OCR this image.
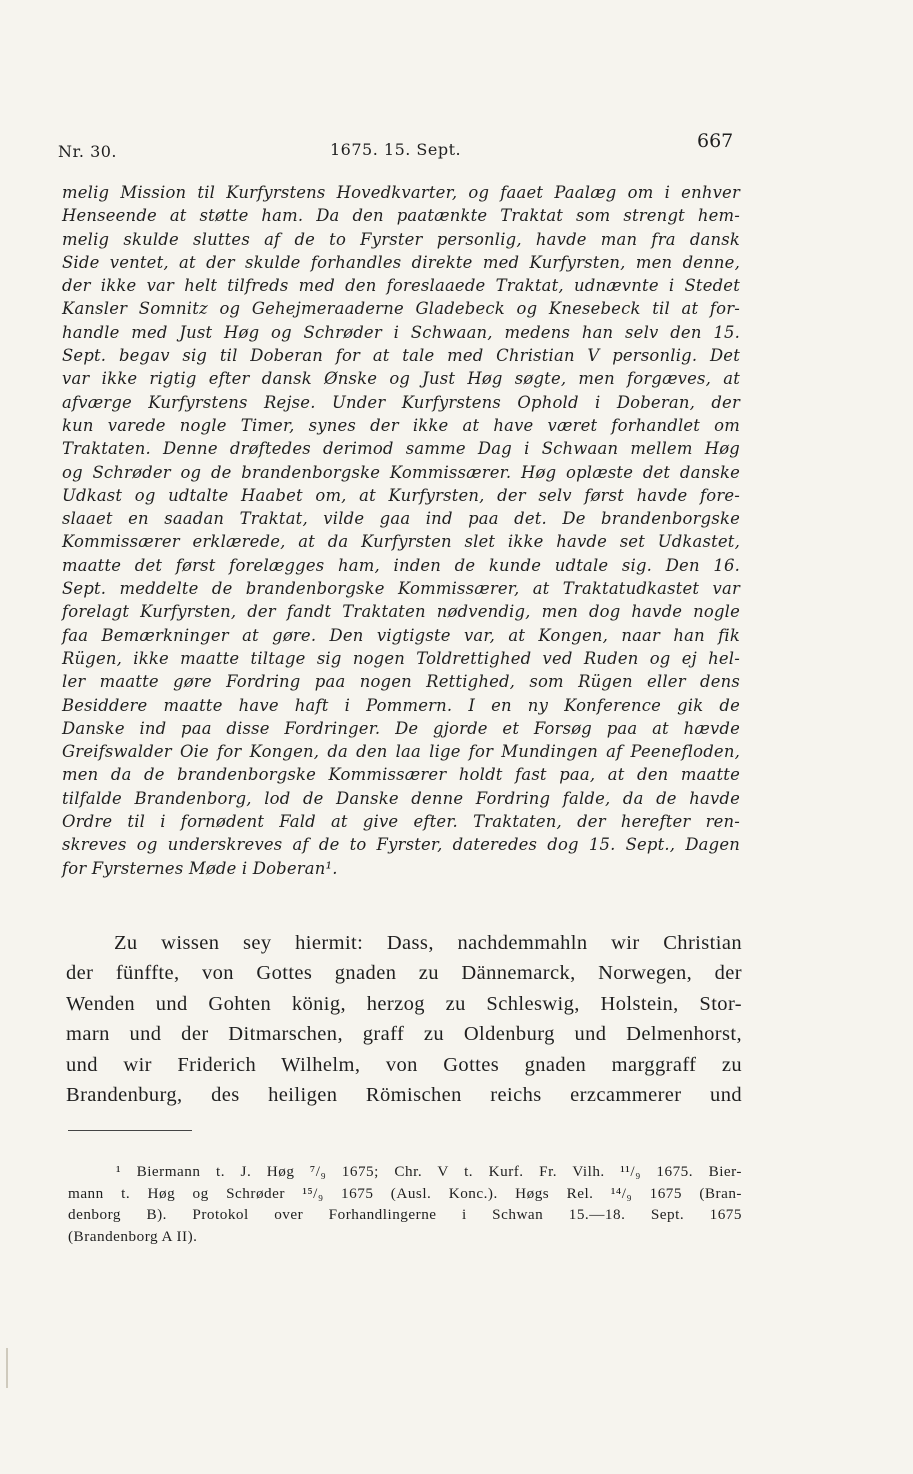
Nr. 30.	1675. 15. Sept.	667
melig Mission til Kurfyrstens Hovedkvarter, og faaet Paalæg om i enhver
Henseende at støtte ham. Da den paatænkte Traktat som strengt hem-
melig skulde sluttes af de to Fyrster personlig, havde man fra dansk
Side ventet, at der skulde forhandles direkte med Kurfyrsten, men denne,
der ikke var helt tilfreds med den foreslaaede Traktat, udnævnte i Stedet
Kansler Somnitz og Gehejmeraaderne Gladebeck og Knesebeck til at for-
handle med Just Høg og Schrøder i Schwaan, medens han selv den 15.
Sept. begav sig til Doberan for at tale med Christian V personlig. Det
var ikke rigtig efter dansk Ønske og Just Høg søgte, men forgæves, at
afværge Kurfyrstens Rejse. Under Kurfyrstens Ophold i Doberan, der
kun varede nogle Timer, synes der ikke at have været forhandlet om
Traktaten. Denne drøftedes derimod samme Dag i Schwaan mellem Høg
og Schrøder og de brandenborgske Kommissærer. Høg oplæste det danske
Udkast og udtalte Haabet om, at Kurfyrsten, der selv først havde fore-
slaaet en saadan Traktat, vilde gaa ind paa det. De brandenborgske
Kommissærer erklærede, at da Kurfyrsten slet ikke havde set Udkastet,
maatte det først forelægges ham, inden de kunde udtale sig. Den 16.
Sept. meddelte de brandenborgske Kommissærer, at Traktatudkastet var
forelagt Kurfyrsten, der fandt Traktaten nødvendig, men dog havde nogle
faa Bemærkninger at gøre. Den vigtigste var, at Kongen, naar han fik
Rügen, ikke maatte tiltage sig nogen Toldrettighed ved Ruden og ej hel-
ler maatte gøre Fordring paa nogen Rettighed, som Rügen eller dens
Besiddere maatte have haft i Pommern. I en ny Konference gik de
Danske ind paa disse Fordringer. De gjorde et Forsøg paa at hævde
Greifswalder Oie for Kongen, da den laa lige for Mundingen af Peenefloden,
men da de brandenborgske Kommissærer holdt fast paa, at den maatte
tilfalde Brandenborg, lod de Danske denne Fordring falde, da de havde
Ordre til i fornødent Fald at give efter. Traktaten, der herefter ren-
skreves og underskreves af de to Fyrster, dateredes dog 15. Sept., Dagen
for Fyrsternes Møde i Doberan¹.
Zu wissen sey hiermit: Dass, nachdemmahln wir Christian
der fünffte, von Gottes gnaden zu Dännemarck, Norwegen, der
Wenden und Gohten könig, herzog zu Schleswig, Holstein, Stor-
marn und der Ditmarschen, graff zu Oldenburg und Delmenhorst,
und wir Friderich Wilhelm, von Gottes gnaden marggraff zu
Brandenburg, des heiligen Römischen reichs erzcammerer und
¹ Biermann t. J. Høg ⁷/₉ 1675; Chr. V t. Kurf. Fr. Vilh. ¹¹/₉ 1675. Bier-
mann t. Høg og Schrøder ¹⁵/₉ 1675 (Ausl. Konc.). Høgs Rel. ¹⁴/₉ 1675 (Bran-
denborg B). Protokol over Forhandlingerne i Schwan 15.—18. Sept. 1675
(Brandenborg A II).
